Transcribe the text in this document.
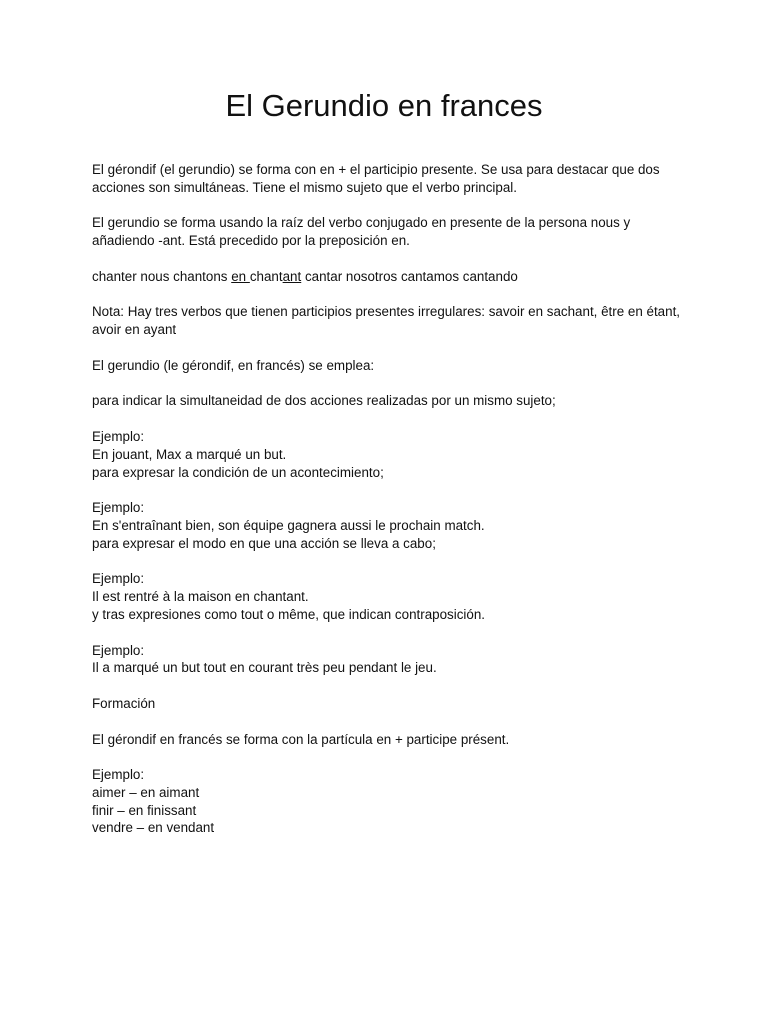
El Gerundio en frances

El gérondif (el gerundio) se forma con en + el participio presente. Se usa para destacar que dos acciones son simultáneas. Tiene el mismo sujeto que el verbo principal.

El gerundio se forma usando la raíz del verbo conjugado en presente de la persona nous y añadiendo -ant. Está precedido por la preposición en.

chanter nous chantons en chantant cantar nosotros cantamos cantando

Nota: Hay tres verbos que tienen participios presentes irregulares: savoir en sachant, être en étant, avoir en ayant

El gerundio (le gérondif, en francés) se emplea:

para indicar la simultaneidad de dos acciones realizadas por un mismo sujeto;

Ejemplo:
En jouant, Max a marqué un but.
para expresar la condición de un acontecimiento;

Ejemplo:
En s'entraînant bien, son équipe gagnera aussi le prochain match.
para expresar el modo en que una acción se lleva a cabo;

Ejemplo:
Il est rentré à la maison en chantant.
y tras expresiones como tout o même, que indican contraposición.

Ejemplo:
Il a marqué un but tout en courant très peu pendant le jeu.

Formación

El gérondif en francés se forma con la partícula en + participe présent.

Ejemplo:
aimer – en aimant
finir – en finissant
vendre – en vendant
